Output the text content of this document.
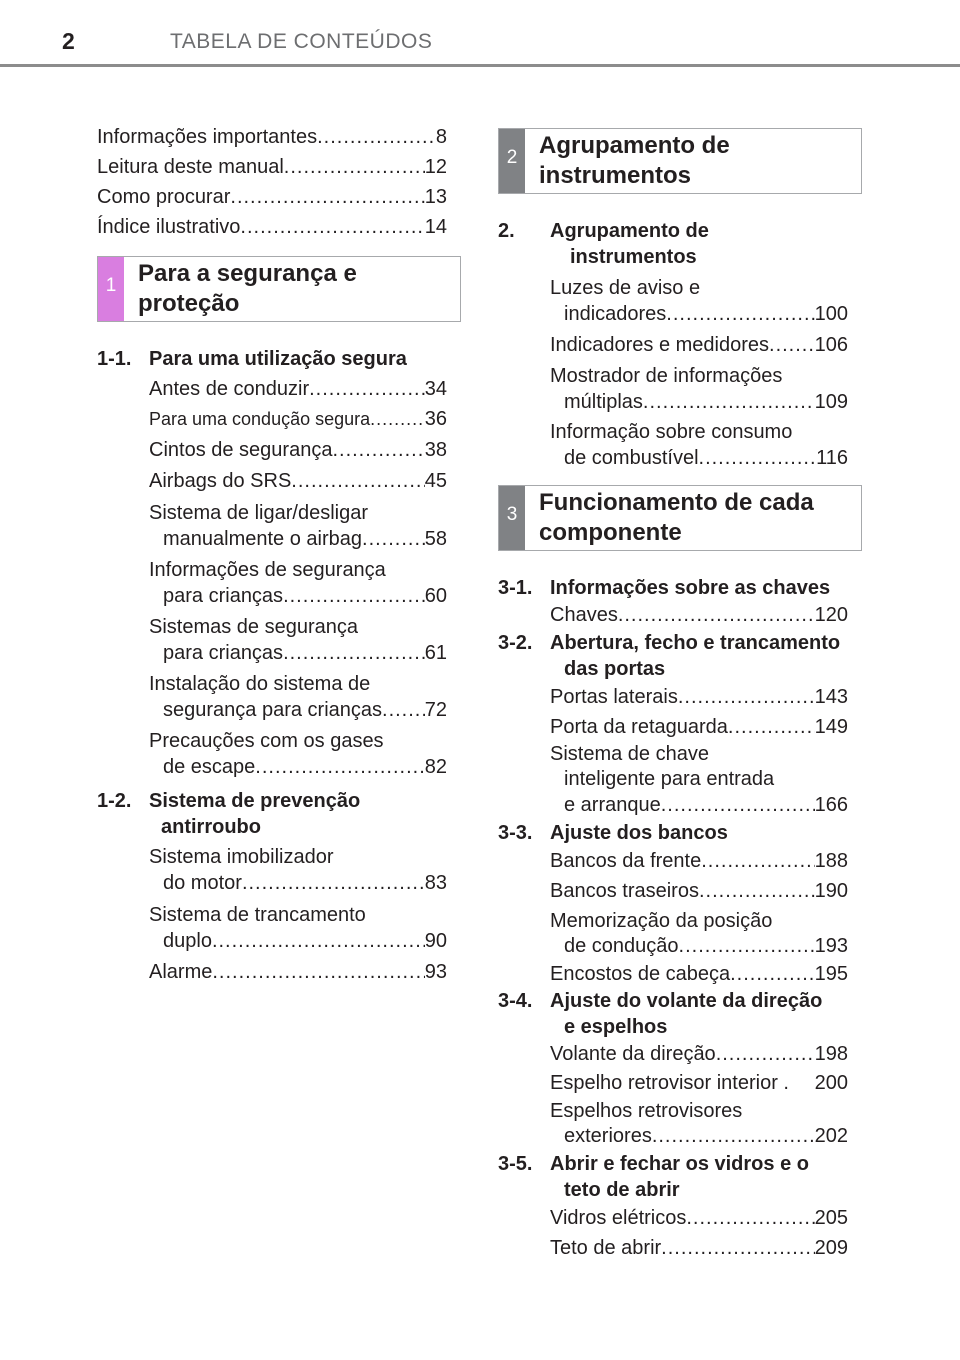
2	TABELA DE CONTEÚDOS
Informações importantes .....	8
Leitura deste manual .....	12
Como procurar .....	13
Índice ilustrativo .....	14
1 Para a segurança e
proteção
1-1. Para uma utilização segura
Antes de conduzir .....	34
Para uma condução segura .....	36
Cintos de segurança .....	38
Airbags do SRS .....	45
Sistema de ligar/desligar
manualmente o airbag .....	58
Informações de segurança
para crianças .....	60
Sistemas de segurança
para crianças .....	61
Instalação do sistema de
segurança para crianças ..... 72
Precauções com os gases
de escape .....	82
1-2. Sistema de prevenção
antirroubo
Sistema imobilizador
do motor .....	83
Sistema de trancamento
duplo .....	90
Alarme .....	93
2 Agrupamento de
instrumentos
2. Agrupamento de
instrumentos
Luzes de aviso e
indicadores .....	100
Indicadores e medidores ..... 106
Mostrador de informações
múltiplas .....	109
Informação sobre consumo
de combustível .....	116
3 Funcionamento de cada
componente
3-1. Informações sobre as chaves
Chaves .....	120
3-2. Abertura, fecho e trancamento
das portas
Portas laterais .....	143
Porta da retaguarda .....	149
Sistema de chave
inteligente para entrada
e arranque .....	166
3-3. Ajuste dos bancos
Bancos da frente .....	188
Bancos traseiros .....	190
Memorização da posição
de condução .....	193
Encostos de cabeça .....	195
3-4. Ajuste do volante da direção
e espelhos
Volante da direção .....	198
Espelho retrovisor interior . 200
Espelhos retrovisores
exteriores .....	202
3-5. Abrir e fechar os vidros e o
teto de abrir
Vidros elétricos .....	205
Teto de abrir .....	209
